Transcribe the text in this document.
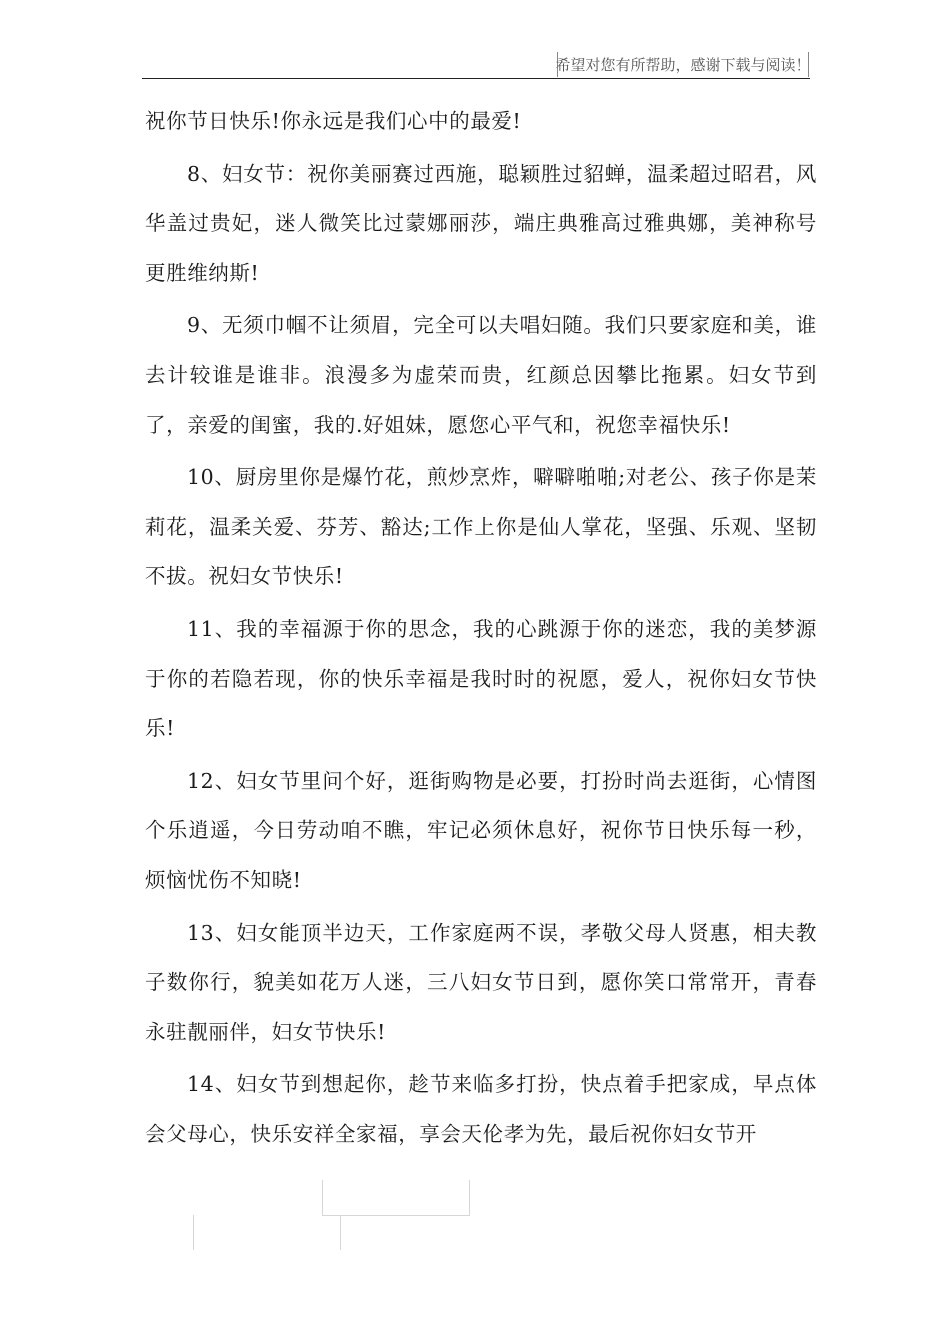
希望对您有所帮助，感谢下载与阅读！

祝你节日快乐!你永远是我们心中的最爱!

8、妇女节：祝你美丽赛过西施，聪颖胜过貂蝉，温柔超过昭君，风华盖过贵妃，迷人微笑比过蒙娜丽莎，端庄典雅高过雅典娜，美神称号更胜维纳斯!

9、无须巾帼不让须眉，完全可以夫唱妇随。我们只要家庭和美，谁去计较谁是谁非。浪漫多为虚荣而贵，红颜总因攀比拖累。妇女节到了，亲爱的闺蜜，我的.好姐妹，愿您心平气和，祝您幸福快乐!

10、厨房里你是爆竹花，煎炒烹炸，噼噼啪啪;对老公、孩子你是茉莉花，温柔关爱、芬芳、豁达;工作上你是仙人掌花，坚强、乐观、坚韧不拔。祝妇女节快乐!

11、我的幸福源于你的思念，我的心跳源于你的迷恋，我的美梦源于你的若隐若现，你的快乐幸福是我时时的祝愿，爱人，祝你妇女节快乐!

12、妇女节里问个好，逛街购物是必要，打扮时尚去逛街，心情图个乐逍遥，今日劳动咱不瞧，牢记必须休息好，祝你节日快乐每一秒，烦恼忧伤不知晓!

13、妇女能顶半边天，工作家庭两不误，孝敬父母人贤惠，相夫教子数你行，貌美如花万人迷，三八妇女节日到，愿你笑口常常开，青春永驻靓丽伴，妇女节快乐!

14、妇女节到想起你，趁节来临多打扮，快点着手把家成，早点体会父母心，快乐安祥全家福，享会天伦孝为先，最后祝你妇女节开
